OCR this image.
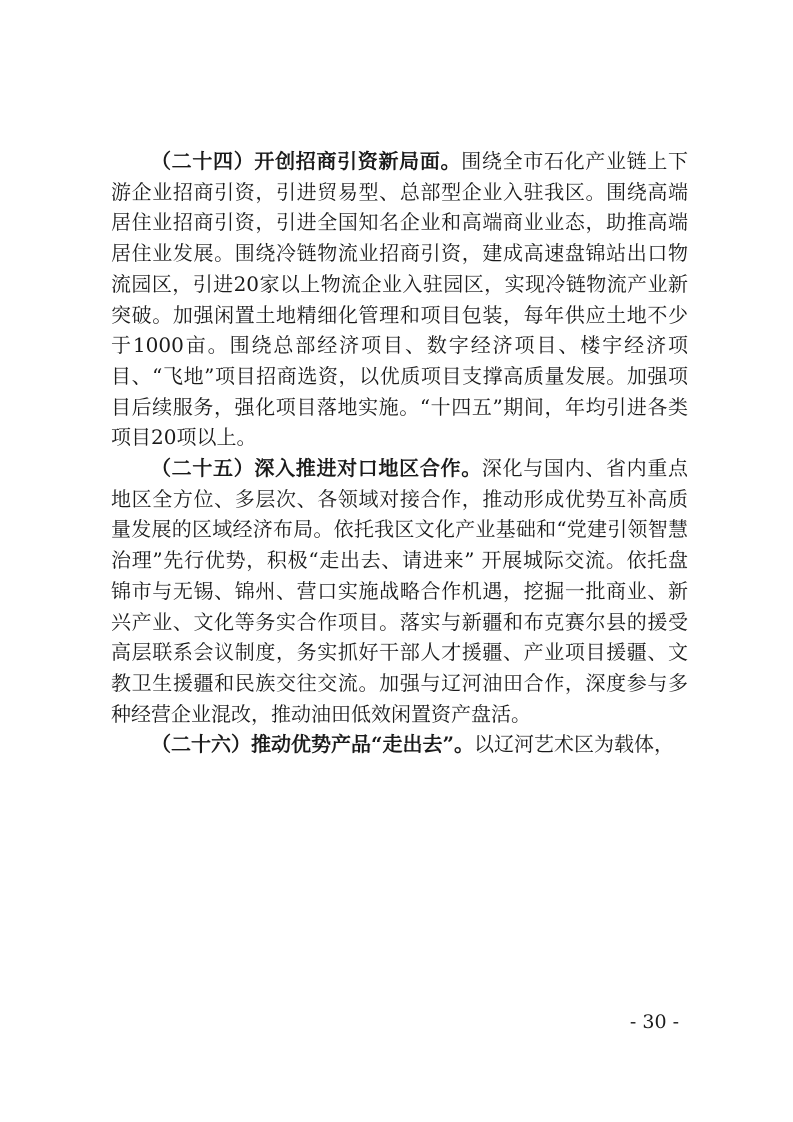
（二十四）开创招商引资新局面。围绕全市石化产业链上下游企业招商引资，引进贸易型、总部型企业入驻我区。围绕高端居住业招商引资，引进全国知名企业和高端商业业态，助推高端居住业发展。围绕冷链物流业招商引资，建成高速盘锦站出口物流园区，引进20家以上物流企业入驻园区，实现冷链物流产业新突破。加强闲置土地精细化管理和项目包装，每年供应土地不少于1000亩。围绕总部经济项目、数字经济项目、楼宇经济项目、“飞地”项目招商选资，以优质项目支撑高质量发展。加强项目后续服务，强化项目落地实施。“十四五”期间，年均引进各类项目20项以上。

（二十五）深入推进对口地区合作。深化与国内、省内重点地区全方位、多层次、各领域对接合作，推动形成优势互补高质量发展的区域经济布局。依托我区文化产业基础和“党建引领智慧治理”先行优势，积极“走出去、请进来” 开展城际交流。依托盘锦市与无锡、锦州、营口实施战略合作机遇，挖掘一批商业、新兴产业、文化等务实合作项目。落实与新疆和布克赛尔县的援受高层联系会议制度，务实抓好干部人才援疆、产业项目援疆、文教卫生援疆和民族交往交流。加强与辽河油田合作，深度参与多种经营企业混改，推动油田低效闲置资产盘活。

（二十六）推动优势产品“走出去”。以辽河艺术区为载体，

- 30 -
